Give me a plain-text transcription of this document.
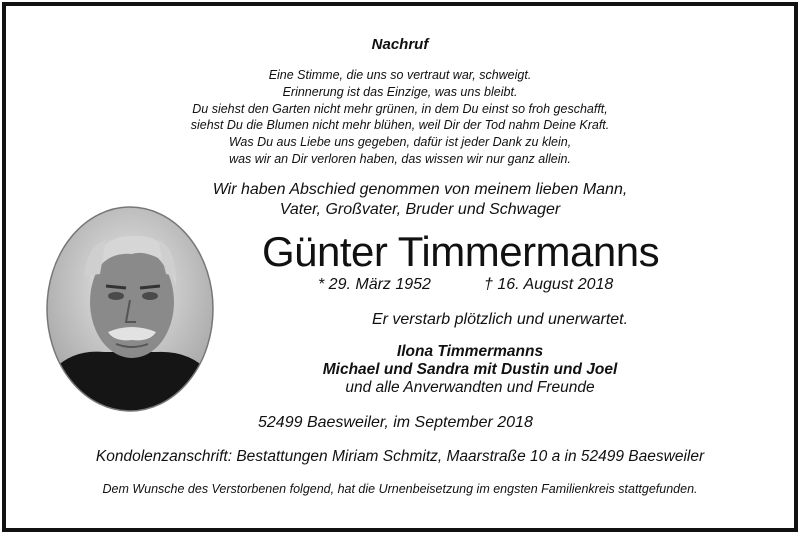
Nachruf
Eine Stimme, die uns so vertraut war, schweigt.
Erinnerung ist das Einzige, was uns bleibt.
Du siehst den Garten nicht mehr grünen, in dem Du einst so froh geschafft,
siehst Du die Blumen nicht mehr blühen, weil Dir der Tod nahm Deine Kraft.
Was Du aus Liebe uns gegeben, dafür ist jeder Dank zu klein,
was wir an Dir verloren haben, das wissen wir nur ganz allein.
Wir haben Abschied genommen von meinem lieben Mann,
Vater, Großvater, Bruder und Schwager
Günter Timmermanns
* 29. März 1952	† 16. August 2018
Er verstarb plötzlich und unerwartet.
Ilona Timmermanns
Michael und Sandra mit Dustin und Joel
und alle Anverwandten und Freunde
52499 Baesweiler, im September 2018
Kondolenzanschrift: Bestattungen Miriam Schmitz, Maarstraße 10 a in 52499 Baesweiler
Dem Wunsche des Verstorbenen folgend, hat die Urnenbeisetzung im engsten Familienkreis stattgefunden.
